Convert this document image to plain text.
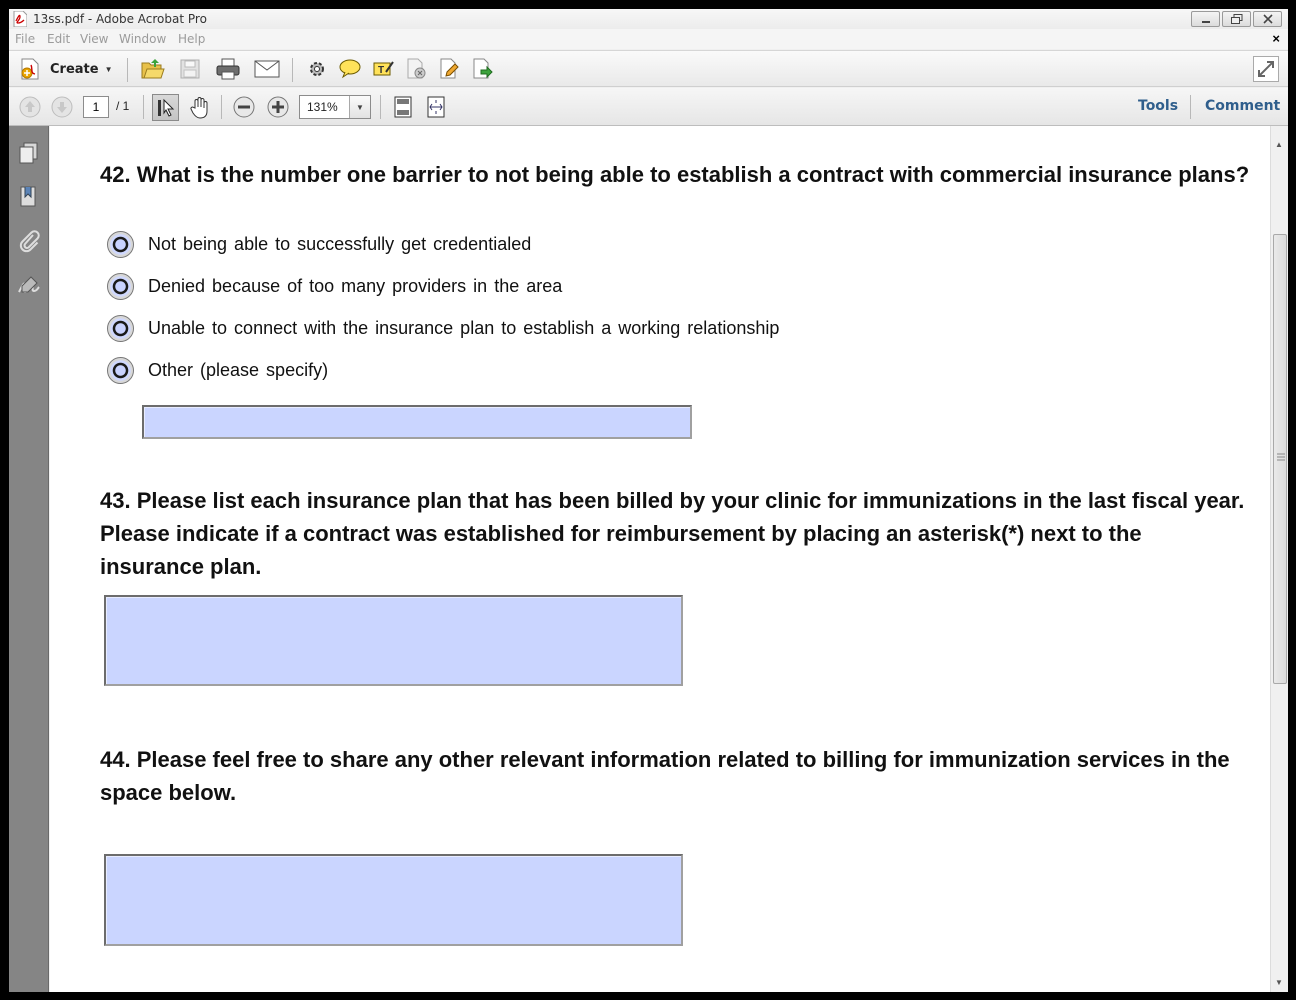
13ss.pdf - Adobe Acrobat Pro
File Edit View Window Help	×
Create ▼	T
1	/ 1	131% ▼	Tools Comment
42. What is the number one barrier to not being able to establish a contract with commercial insurance plans?
Not being able to successfully get credentialed
Denied because of too many providers in the area
Unable to connect with the insurance plan to establish a working relationship
Other (please specify)
43. Please list each insurance plan that has been billed by your clinic for immunizations in the last fiscal year. Please indicate if a contract was established for reimbursement by placing an asterisk(*) next to the insurance plan.
44. Please feel free to share any other relevant information related to billing for immunization services in the space below.
▲
▼
